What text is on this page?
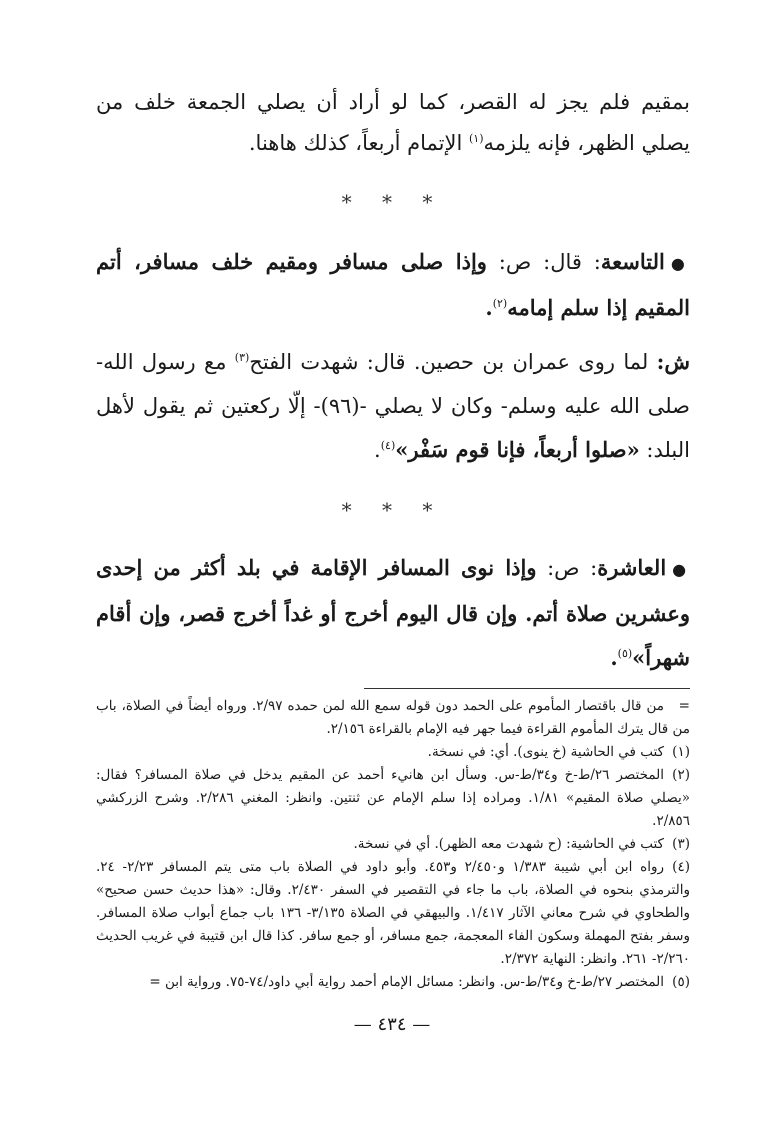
بمقيم فلم يجز له القصر، كما لو أراد أن يصلي الجمعة خلف من يصلي الظهر، فإنه يلزمه$^{(١)}$ الإتمام أربعاً، كذلك هاهنا.

* * *

●التاسعة: قال: ص: وإذا صلى مسافر ومقيم خلف مسافر، أتم المقيم إذا سلم إمامه$^{(٢)}$.

ش: لما روى عمران بن حصين. قال: شهدت الفتح$^{(٣)}$ مع رسول الله- صلى الله عليه وسلم- وكان لا يصلي -(٩٦)- إلّا ركعتين ثم يقول لأهل البلد: «صلوا أربعاً، فإنا قوم سَفْر»$^{(٤)}$.

* * *

●العاشرة: ص: وإذا نوى المسافر الإقامة في بلد أكثر من إحدى وعشرين صلاة أتم. وإن قال اليوم أخرج أو غداً أخرج قصر، وإن أقام شهراً»$^{(٥)}$.

=من قال باقتصار المأموم على الحمد دون قوله سمع الله لمن حمده ٢/٩٧. ورواه أيضاً في الصلاة، باب من قال يترك المأموم القراءة فيما جهر فيه الإمام بالقراءة ٢/١٥٦.

(١)كتب في الحاشية (خ ينوى). أي: في نسخة.

(٢)المختصر ٢٦/ط-خ و٣٤/ط-س. وسأل ابن هانيء أحمد عن المقيم يدخل في صلاة المسافر؟ فقال: «يصلي صلاة المقيم» ١/٨١. ومراده إذا سلم الإمام عن ثنتين. وانظر: المغني ٢/٢٨٦. وشرح الزركشي ٢/٨٥٦.

(٣)كتب في الحاشية: (ح شهدت معه الظهر). أي في نسخة.

(٤)رواه ابن أبي شيبة ١/٣٨٣ و٢/٤٥٠ و٤٥٣. وأبو داود في الصلاة باب متى يتم المسافر ٢/٢٣- ٢٤. والترمذي بنحوه في الصلاة، باب ما جاء في التقصير في السفر ٢/٤٣٠. وقال: «هذا حديث حسن صحيح» والطحاوي في شرح معاني الآثار ١/٤١٧. والبيهقي في الصلاة ٣/١٣٥- ١٣٦ باب جماع أبواب صلاة المسافر. وسفر بفتح المهملة وسكون الفاء المعجمة، جمع مسافر، أو جمع سافر. كذا قال ابن قتيبة في غريب الحديث ٢/٢٦٠- ٢٦١. وانظر: النهاية ٢/٣٧٢.

(٥)المختصر ٢٧/ط-خ و٣٤/ط-س. وانظر: مسائل الإمام أحمد رواية أبي داود/٧٤-٧٥. ورواية ابن =

— ٤٣٤ —
